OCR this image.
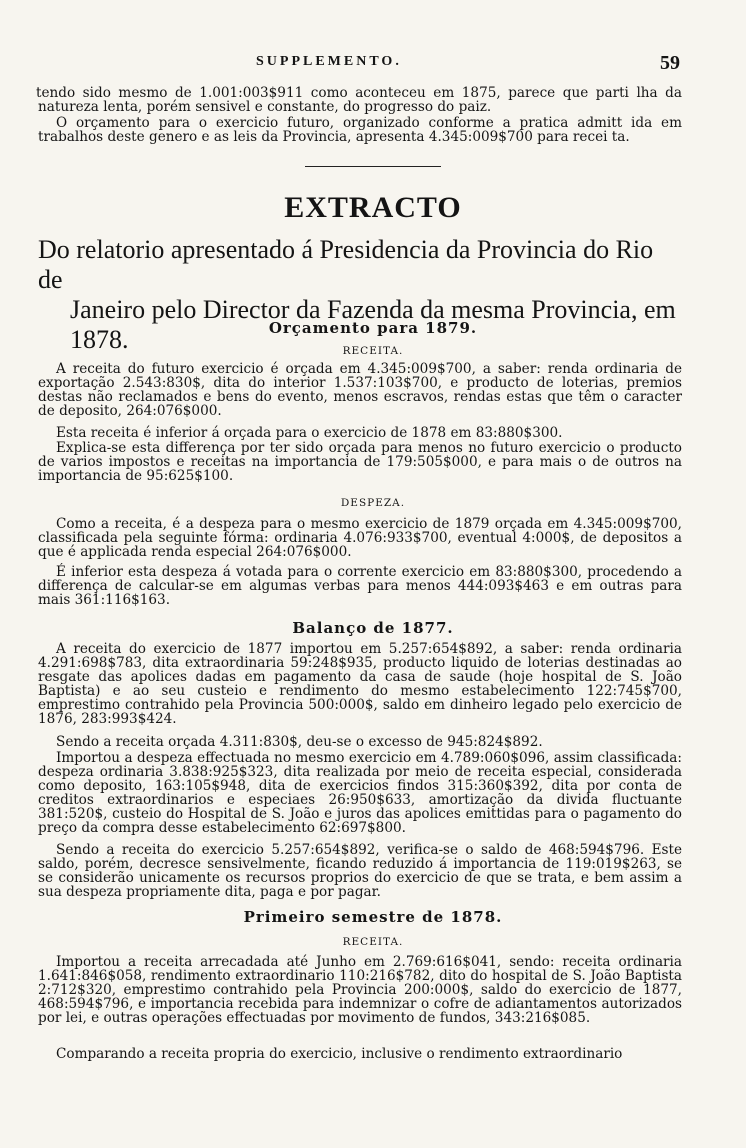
SUPPLEMENTO.	59
tendo sido mesmo de 1.001:003$911 como aconteceu em 1875, parece que parti lha da natureza lenta, porém sensivel e constante, do progresso do paiz.
O orçamento para o exercicio futuro, organizado conforme a pratica admitt ida em trabalhos deste genero e as leis da Provincia, apresenta 4.345:009$700 para recei ta.
EXTRACTO
Do relatorio apresentado á Presidencia da Provincia do Rio de
Janeiro pelo Director da Fazenda da mesma Provincia, em
1878.	Orçamento para 1879.
RECEITA.
A receita do futuro exercicio é orçada em 4.345:009$700, a saber: renda ordinaria de exportação 2.543:830$, dita do interior 1.537:103$700, e producto de loterias, premios destas não reclamados e bens do evento, menos escravos, rendas estas que têm o caracter de deposito, 264:076$000.
Esta receita é inferior á orçada para o exercicio de 1878 em 83:880$300.
Explica-se esta differença por ter sido orçada para menos no futuro exercicio o producto de varios impostos e receitas na importancia de 179:505$000, e para mais o de outros na importancia de 95:625$100.
DESPEZA.
Como a receita, é a despeza para o mesmo exercicio de 1879 orçada em 4.345:009$700, classificada pela seguinte fórma: ordinaria 4.076:933$700, eventual 4:000$, de depositos a que é applicada renda especial 264:076$000.
É inferior esta despeza á votada para o corrente exercicio em 83:880$300, procedendo a differença de calcular-se em algumas verbas para menos 444:093$463 e em outras para mais 361:116$163.
Balanço de 1877.
A receita do exercicio de 1877 importou em 5.257:654$892, a saber: renda ordinaria 4.291:698$783, dita extraordinaria 59:248$935, producto liquido de loterias destinadas ao resgate das apolices dadas em pagamento da casa de saude (hoje hospital de S. João Baptista) e ao seu custeio e rendimento do mesmo estabelecimento 122:745$700, emprestimo contrahido pela Provincia 500:000$, saldo em dinheiro legado pelo exercicio de 1876, 283:993$424.
Sendo a receita orçada 4.311:830$, deu-se o excesso de 945:824$892.
Importou a despeza effectuada no mesmo exercicio em 4.789:060$096, assim classificada: despeza ordinaria 3.838:925$323, dita realizada por meio de receita especial, considerada como deposito, 163:105$948, dita de exercicios findos 315:360$392, dita por conta de creditos extraordinarios e especiaes 26:950$633, amortização da divida fluctuante 381:520$, custeio do Hospital de S. João e juros das apolices emittidas para o pagamento do preço da compra desse estabelecimento 62:697$800.
Sendo a receita do exercicio 5.257:654$892, verifica-se o saldo de 468:594$796. Este saldo, porém, decresce sensivelmente, ficando reduzido á importancia de 119:019$263, se se considerão unicamente os recursos proprios do exercicio de que se trata, e bem assim a sua despeza propriamente dita, paga e por pagar.
Primeiro semestre de 1878.
RECEITA.
Importou a receita arrecadada até Junho em 2.769:616$041, sendo: receita ordinaria 1.641:846$058, rendimento extraordinario 110:216$782, dito do hospital de S. João Baptista 2:712$320, emprestimo contrahido pela Provincia 200:000$, saldo do exercicio de 1877, 468:594$796, e importancia recebida para indemnizar o cofre de adiantamentos autorizados por lei, e outras operações effectuadas por movimento de fundos, 343:216$085.
Comparando a receita propria do exercicio, inclusive o rendimento extraordinario
